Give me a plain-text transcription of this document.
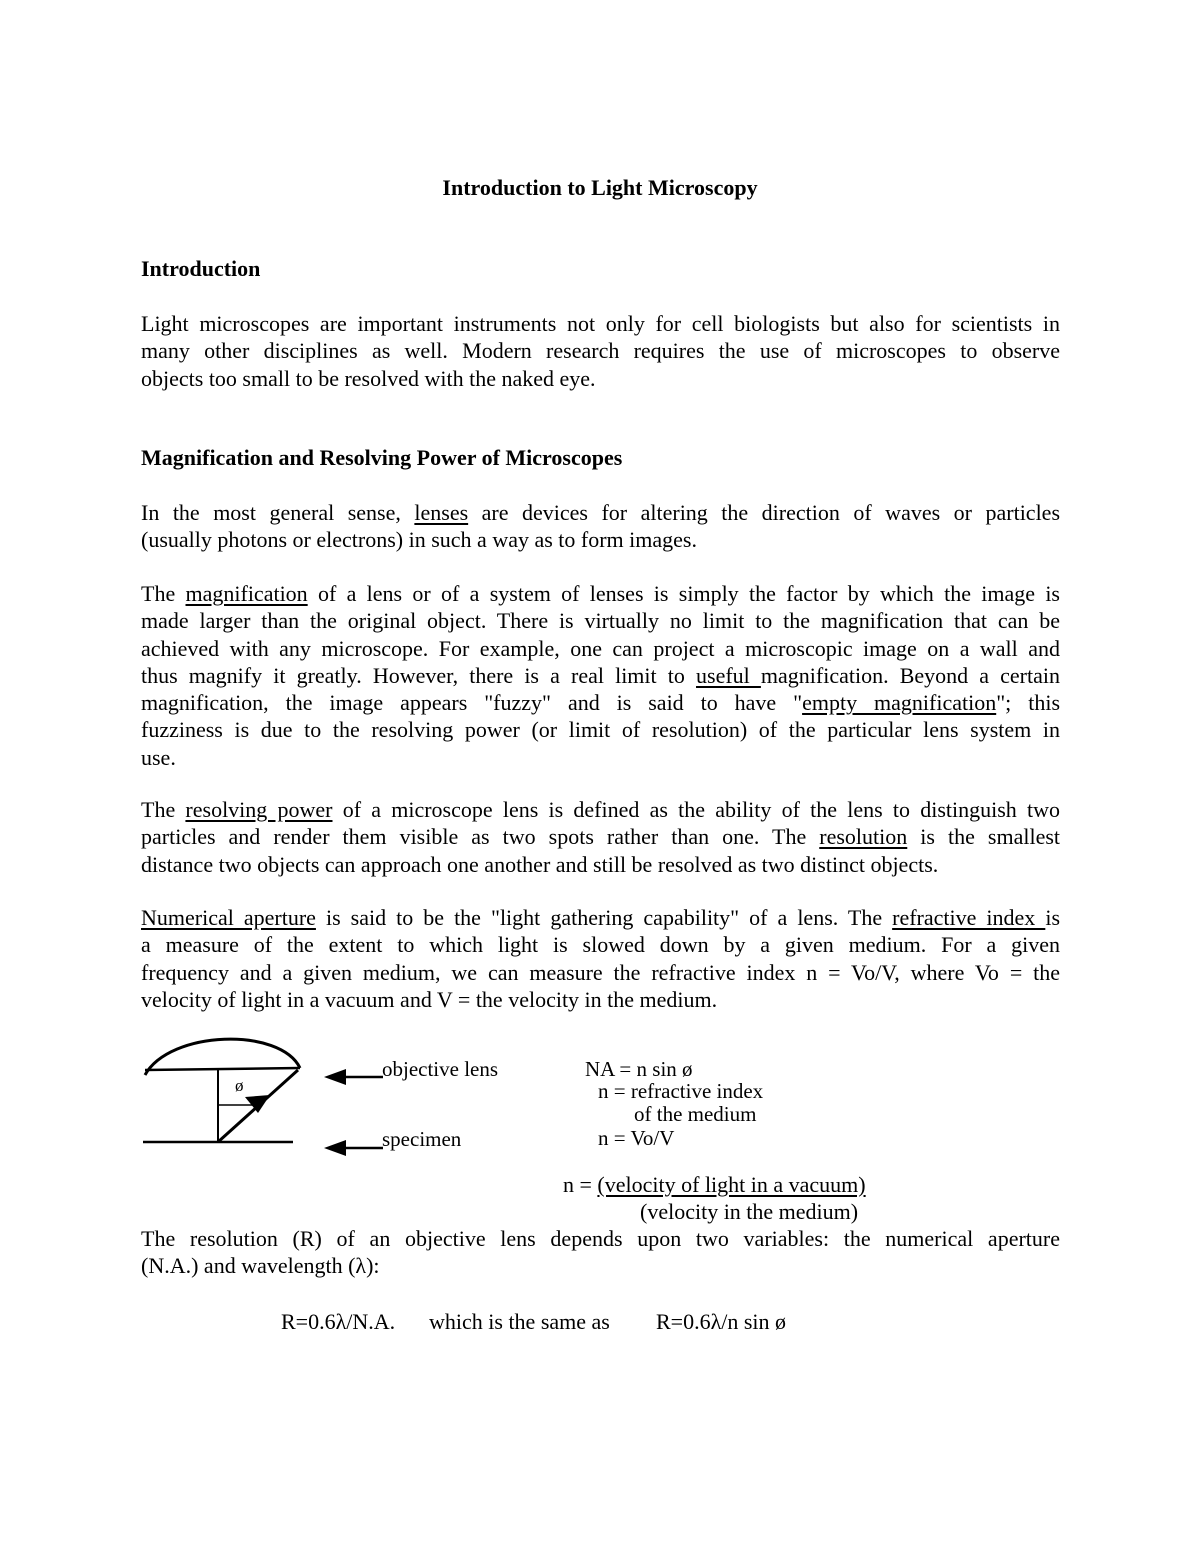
Introduction to Light Microscopy
Introduction
Light microscopes are important instruments not only for cell biologists but also for scientists in
many other disciplines as well. Modern research requires the use of microscopes to observe
objects too small to be resolved with the naked eye.
Magnification and Resolving Power of Microscopes
In the most general sense, lenses are devices for altering the direction of waves or particles
(usually photons or electrons) in such a way as to form images.
The magnification of a lens or of a system of lenses is simply the factor by which the image is
made larger than the original object. There is virtually no limit to the magnification that can be
achieved with any microscope. For example, one can project a microscopic image on a wall and
thus magnify it greatly. However, there is a real limit to useful magnification. Beyond a certain
magnification, the image appears "fuzzy" and is said to have "empty magnification"; this
fuzziness is due to the resolving power (or limit of resolution) of the particular lens system in
use.
The resolving power of a microscope lens is defined as the ability of the lens to distinguish two
particles and render them visible as two spots rather than one. The resolution is the smallest
distance two objects can approach one another and still be resolved as two distinct objects.
Numerical aperture is said to be the "light gathering capability" of a lens. The refractive index is
a measure of the extent to which light is slowed down by a given medium. For a given
frequency and a given medium, we can measure the refractive index n = Vo/V, where Vo = the
velocity of light in a vacuum and V = the velocity in the medium.
ø
objective lens
specimen
NA = n sin ø
n = refractive index
of the medium
n = Vo/V
n = (velocity of light in a vacuum)
(velocity in the medium)
The resolution (R) of an objective lens depends upon two variables: the numerical aperture
(N.A.) and wavelength (λ):
R=0.6λ/N.A. which is the same as R=0.6λ/n sin ø
